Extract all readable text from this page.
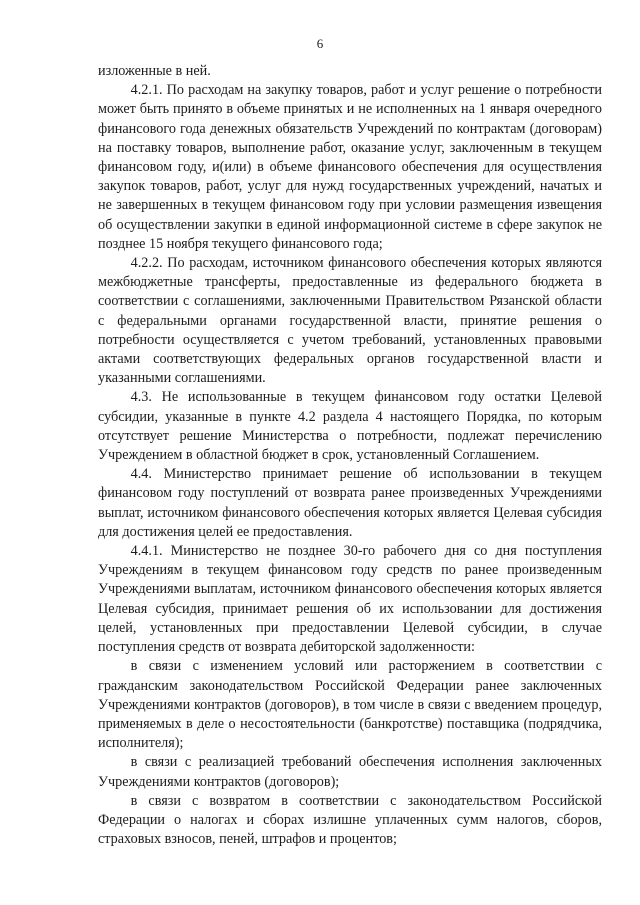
6

изложенные в ней.

4.2.1. По расходам на закупку товаров, работ и услуг решение о потребности может быть принято в объеме принятых и не исполненных на 1 января очередного финансового года денежных обязательств Учреждений по контрактам (договорам) на поставку товаров, выполнение работ, оказание услуг, заключенным в текущем финансовом году, и(или) в объеме финансового обеспечения для осуществления закупок товаров, работ, услуг для нужд государственных учреждений, начатых и не завершенных в текущем финансовом году при условии размещения извещения об осуществлении закупки в единой информационной системе в сфере закупок не позднее 15 ноября текущего финансового года;

4.2.2. По расходам, источником финансового обеспечения которых являются межбюджетные трансферты, предоставленные из федерального бюджета в соответствии с соглашениями, заключенными Правительством Рязанской области с федеральными органами государственной власти, принятие решения о потребности осуществляется с учетом требований, установленных правовыми актами соответствующих федеральных органов государственной власти и указанными соглашениями.

4.3. Не использованные в текущем финансовом году остатки Целевой субсидии, указанные в пункте 4.2 раздела 4 настоящего Порядка, по которым отсутствует решение Министерства о потребности, подлежат перечислению Учреждением в областной бюджет в срок, установленный Соглашением.

4.4. Министерство принимает решение об использовании в текущем финансовом году поступлений от возврата ранее произведенных Учреждениями выплат, источником финансового обеспечения которых является Целевая субсидия для достижения целей ее предоставления.

4.4.1. Министерство не позднее 30-го рабочего дня со дня поступления Учреждениям в текущем финансовом году средств по ранее произведенным Учреждениями выплатам, источником финансового обеспечения которых является Целевая субсидия, принимает решения об их использовании для достижения целей, установленных при предоставлении Целевой субсидии, в случае поступления средств от возврата дебиторской задолженности:

в связи с изменением условий или расторжением в соответствии с гражданским законодательством Российской Федерации ранее заключенных Учреждениями контрактов (договоров), в том числе в связи с введением процедур, применяемых в деле о несостоятельности (банкротстве) поставщика (подрядчика, исполнителя);

в связи с реализацией требований обеспечения исполнения заключенных Учреждениями контрактов (договоров);

в связи с возвратом в соответствии с законодательством Российской Федерации о налогах и сборах излишне уплаченных сумм налогов, сборов, страховых взносов, пеней, штрафов и процентов;
